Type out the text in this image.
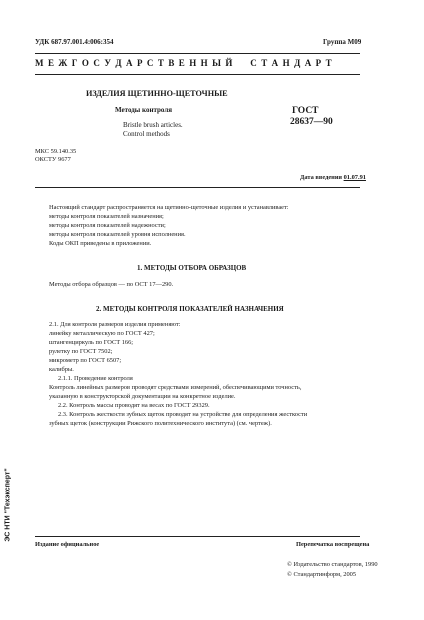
УДК 687.97.001.4:006:354	Группа М09
М Е Ж Г О С У Д А Р С Т В Е Н Н Ы Й     С Т А Н Д А Р Т
ИЗДЕЛИЯ ЩЕТИННО-ЩЕТОЧНЫЕ
Методы контроля
Bristle brush articles.
Control methods
ГОСТ
28637—90
МКС 59.140.35
ОКСТУ 9677
Дата введения 01.07.91
Настоящий стандарт распространяется на щетинно-щеточные изделия и устанавливает:
методы контроля показателей назначения;
методы контроля показателей надежности;
методы контроля показателей уровня исполнения.
Коды ОКП приведены в приложении.
1. МЕТОДЫ ОТБОРА ОБРАЗЦОВ
Методы отбора образцов — по ОСТ 17—290.
2. МЕТОДЫ КОНТРОЛЯ ПОКАЗАТЕЛЕЙ НАЗНАЧЕНИЯ
2.1. Для контроля размеров изделия применяют:
линейку металлическую по ГОСТ 427;
штангенциркуль по ГОСТ 166;
рулетку по ГОСТ 7502;
микрометр по ГОСТ 6507;
калибры.
2.1.1. Проведение контроля
Контроль линейных размеров проводят средствами измерений, обеспечивающими точность,
указанную в конструкторской документации на конкретное изделие.
2.2. Контроль массы проводят на весах по ГОСТ 29329.
2.3. Контроль жесткости зубных щеток проводят на устройстве для определения жесткости
зубных щеток (конструкции Рижского политехнического института) (см. чертеж).
Издание официальное	Перепечатка воспрещена
© Издательство стандартов, 1990
© Стандартинформ, 2005
ЭС НТИ "Техэксперт"
